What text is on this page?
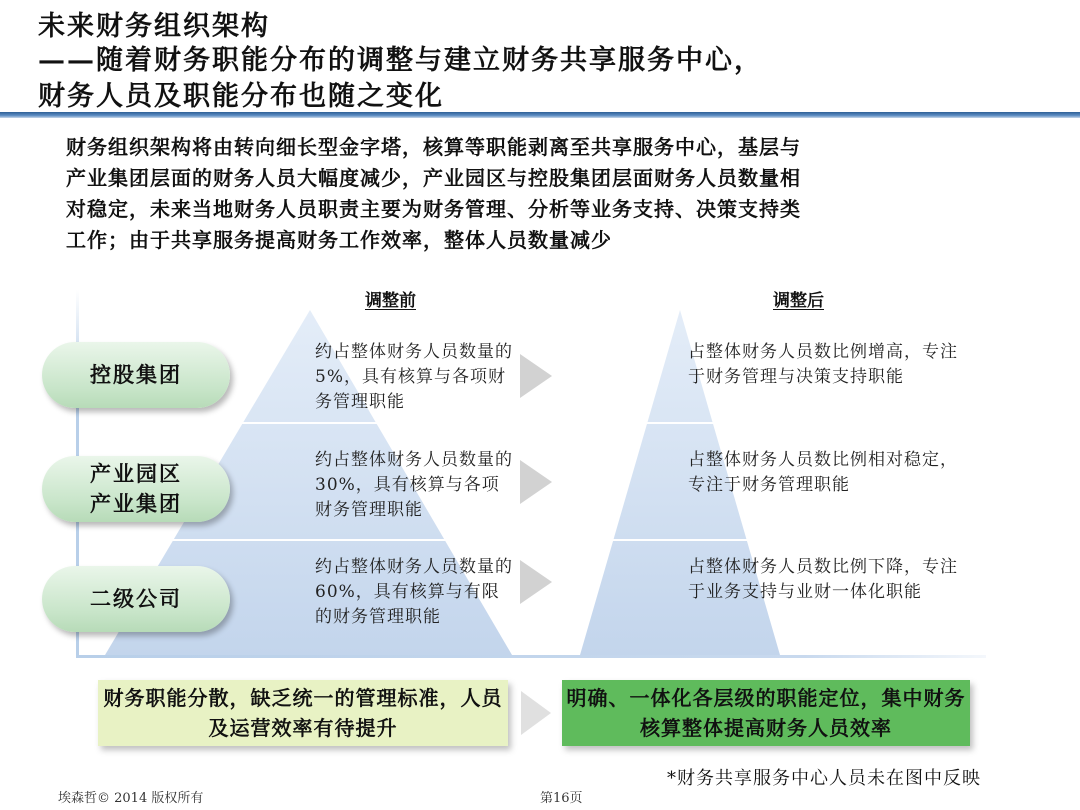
未来财务组织架构
——随着财务职能分布的调整与建立财务共享服务中心，
财务人员及职能分布也随之变化
财务组织架构将由转向细长型金字塔，核算等职能剥离至共享服务中心，基层与
产业集团层面的财务人员大幅度减少，产业园区与控股集团层面财务人员数量相
对稳定，未来当地财务人员职责主要为财务管理、分析等业务支持、决策支持类
工作；由于共享服务提高财务工作效率，整体人员数量减少
调整前	调整后
控股集团
产业园区
产业集团
二级公司
约占整体财务人员数量的5%，具有核算与各项财务管理职能
约占整体财务人员数量的30%，具有核算与各项财务管理职能
约占整体财务人员数量的60%，具有核算与有限的财务管理职能
占整体财务人员数比例增高，专注于财务管理与决策支持职能
占整体财务人员数比例相对稳定，专注于财务管理职能
占整体财务人员数比例下降，专注于业务支持与业财一体化职能
财务职能分散，缺乏统一的管理标准，人员及运营效率有待提升
明确、一体化各层级的职能定位，集中财务核算整体提高财务人员效率
*财务共享服务中心人员未在图中反映
埃森哲© 2014 版权所有	第16页
